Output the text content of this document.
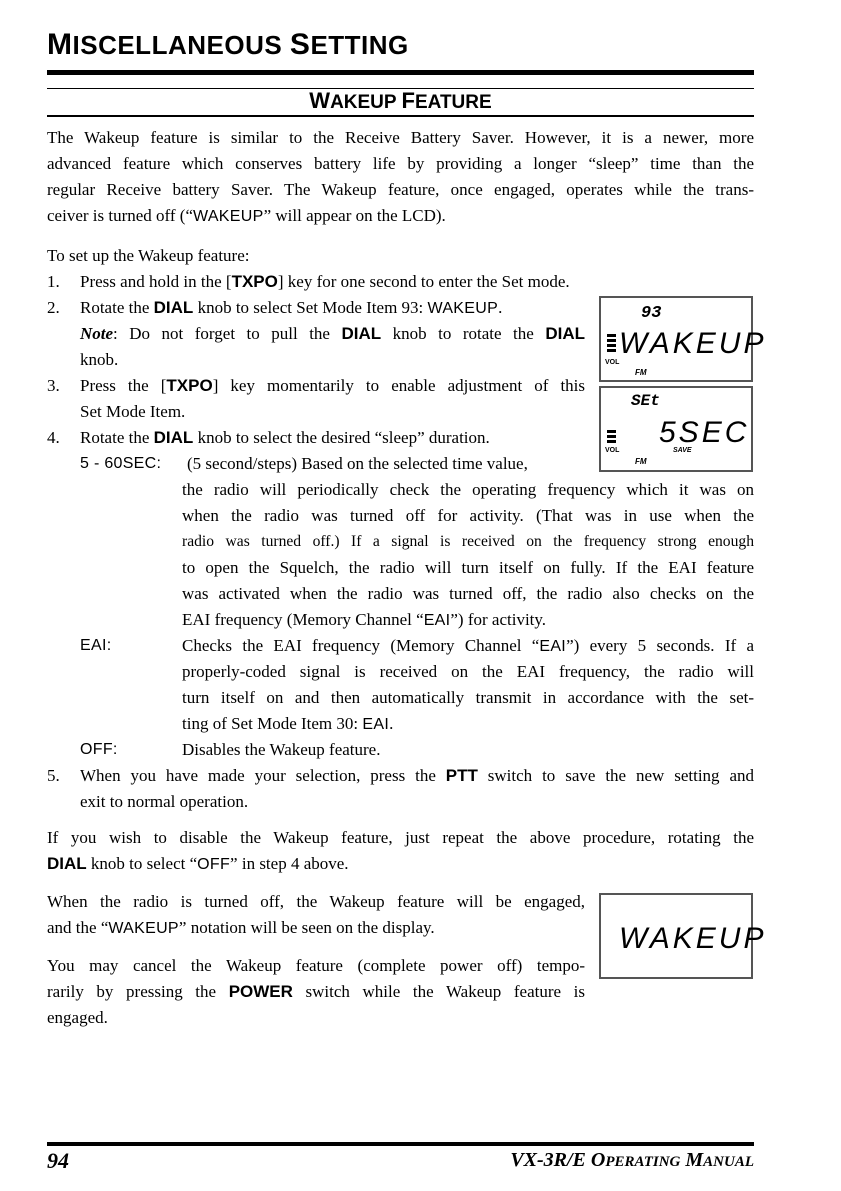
MISCELLANEOUS SETTING
WAKEUP FEATURE
The Wakeup feature is similar to the Receive Battery Saver. However, it is a newer, more
advanced feature which conserves battery life by providing a longer “sleep” time than the
regular Receive battery Saver. The Wakeup feature, once engaged, operates while the trans-
ceiver is turned off (“WAKEUP” will appear on the LCD).
To set up the Wakeup feature:
1. Press and hold in the [TXPO] key for one second to enter the Set mode.
2. Rotate the DIAL knob to select Set Mode Item 93: WAKEUP.
Note: Do not forget to pull the DIAL knob to rotate the DIAL
knob.
3. Press the [TXPO] key momentarily to enable adjustment of this
Set Mode Item.
4. Rotate the DIAL knob to select the desired “sleep” duration.
5 - 60SEC: (5 second/steps) Based on the selected time value,
the radio will periodically check the operating frequency which it was on
when the radio was turned off for activity. (That was in use when the
radio was turned off.) If a signal is received on the frequency strong enough
to open the Squelch, the radio will turn itself on fully. If the EAI feature
was activated when the radio was turned off, the radio also checks on the
EAI frequency (Memory Channel “EAI”) for activity.
EAI:	Checks the EAI frequency (Memory Channel “EAI”) every 5 seconds. If a
properly-coded signal is received on the EAI frequency, the radio will
turn itself on and then automatically transmit in accordance with the set-
ting of Set Mode Item 30: EAI.
OFF:	Disables the Wakeup feature.
5. When you have made your selection, press the PTT switch to save the new setting and
exit to normal operation.
If you wish to disable the Wakeup feature, just repeat the above procedure, rotating the
DIAL knob to select “OFF” in step 4 above.
When the radio is turned off, the Wakeup feature will be engaged,
and the “WAKEUP” notation will be seen on the display.
You may cancel the Wakeup feature (complete power off) tempo-
rarily by pressing the POWER switch while the Wakeup feature is
engaged.
93
WAKEUP
VOL
FM
SEt
5SEC
VOL	SAVE
FM
WAKEUP
94	VX-3R/E OPERATING MANUAL
